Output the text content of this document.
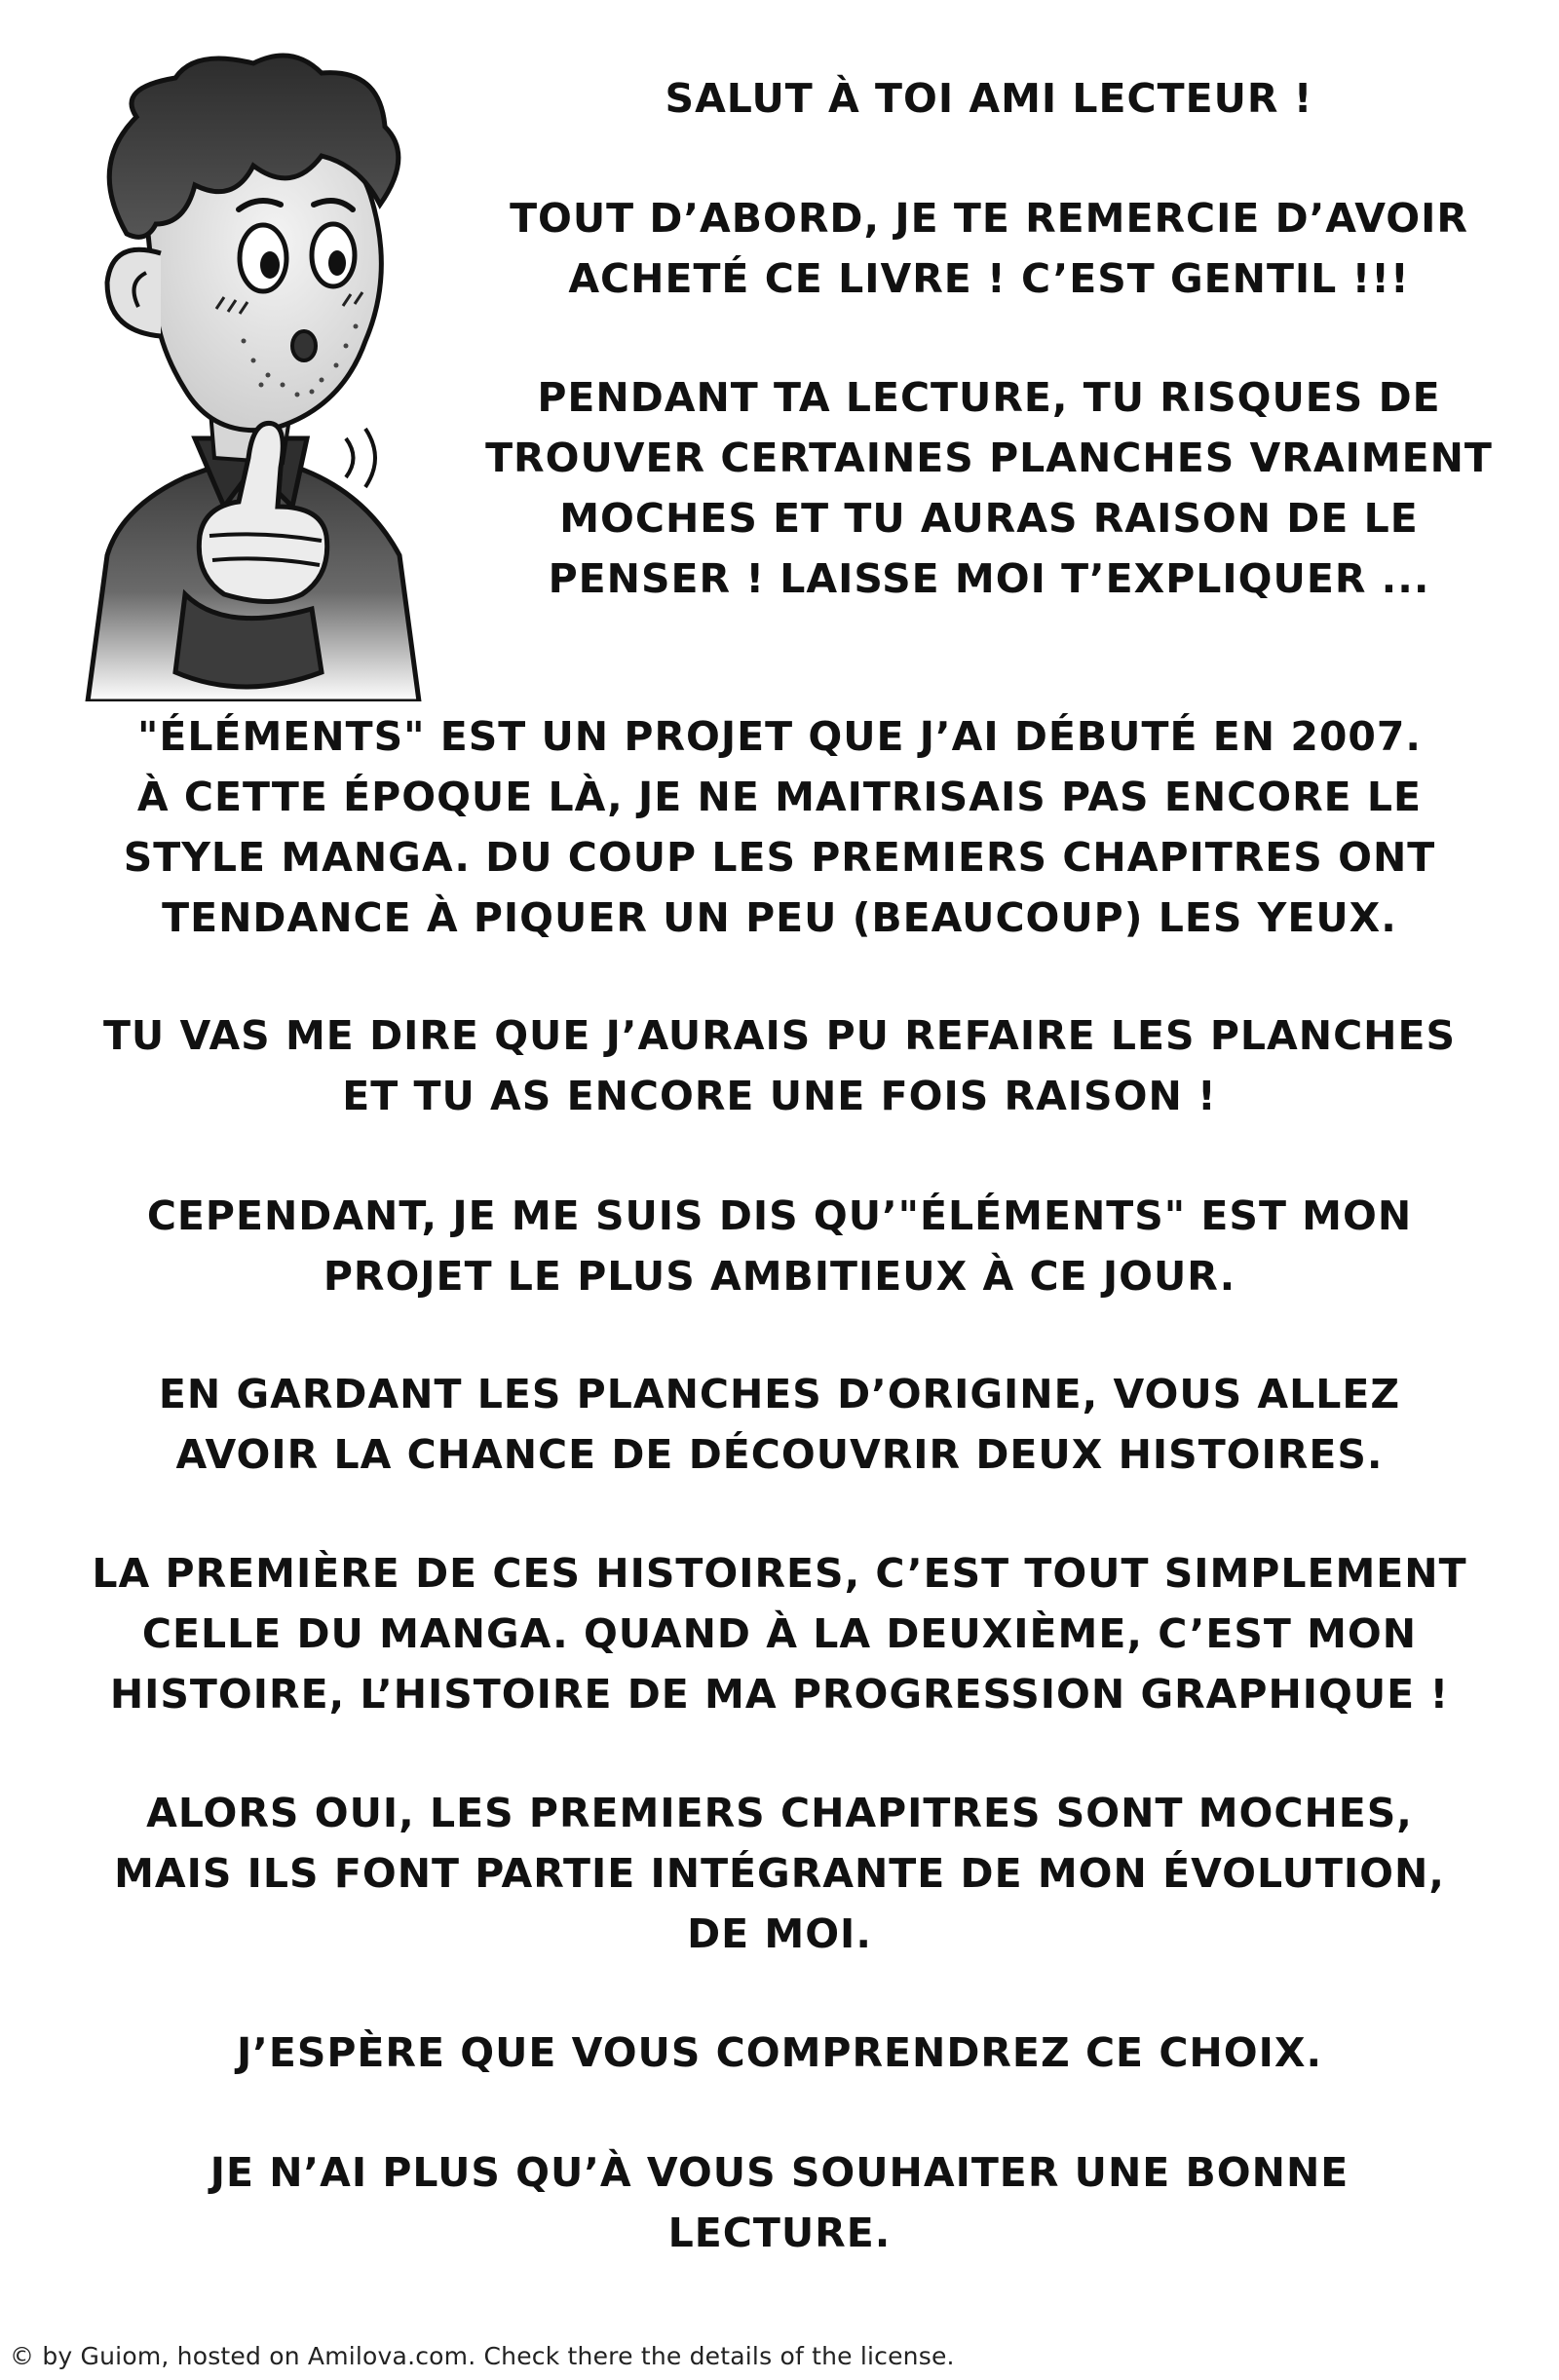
SALUT À TOI AMI LECTEUR !
TOUT D’ABORD, JE TE REMERCIE D’AVOIR
ACHETÉ CE LIVRE ! C’EST GENTIL !!!
PENDANT TA LECTURE, TU RISQUES DE
TROUVER CERTAINES PLANCHES VRAIMENT
MOCHES ET TU AURAS RAISON DE LE
PENSER ! LAISSE MOI T’EXPLIQUER ...
"ÉLÉMENTS" EST UN PROJET QUE J’AI DÉBUTÉ EN 2007.
À CETTE ÉPOQUE LÀ, JE NE MAITRISAIS PAS ENCORE LE
STYLE MANGA. DU COUP LES PREMIERS CHAPITRES ONT
TENDANCE À PIQUER UN PEU (BEAUCOUP) LES YEUX.
TU VAS ME DIRE QUE J’AURAIS PU REFAIRE LES PLANCHES
ET TU AS ENCORE UNE FOIS RAISON !
CEPENDANT, JE ME SUIS DIS QU’"ÉLÉMENTS" EST MON
PROJET LE PLUS AMBITIEUX À CE JOUR.
EN GARDANT LES PLANCHES D’ORIGINE, VOUS ALLEZ
AVOIR LA CHANCE DE DÉCOUVRIR DEUX HISTOIRES.
LA PREMIÈRE DE CES HISTOIRES, C’EST TOUT SIMPLEMENT
CELLE DU MANGA. QUAND À LA DEUXIÈME, C’EST MON
HISTOIRE, L’HISTOIRE DE MA PROGRESSION GRAPHIQUE !
ALORS OUI, LES PREMIERS CHAPITRES SONT MOCHES,
MAIS ILS FONT PARTIE INTÉGRANTE DE MON ÉVOLUTION,
DE MOI.
J’ESPÈRE QUE VOUS COMPRENDREZ CE CHOIX.
JE N’AI PLUS QU’À VOUS SOUHAITER UNE BONNE
LECTURE.
© by Guiom, hosted on Amilova.com. Check there the details of the license.
